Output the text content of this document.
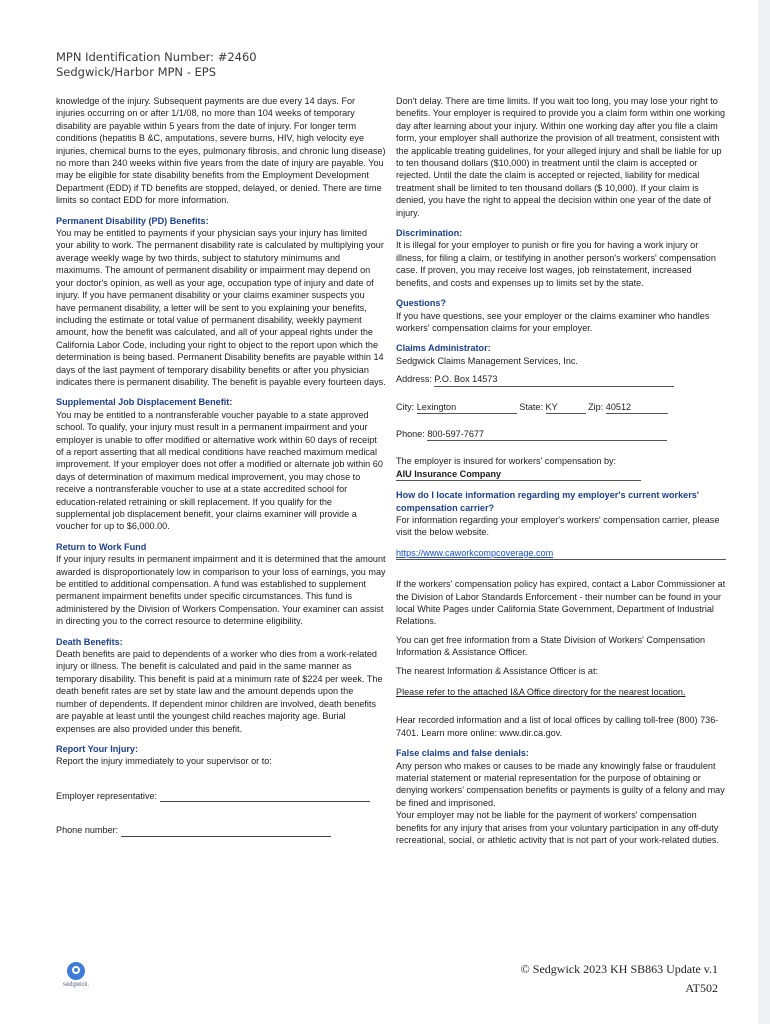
MPN Identification Number: #2460
Sedgwick/Harbor MPN - EPS

knowledge of the injury. Subsequent payments are due every 14 days. For injuries occurring on or after 1/1/08, no more than 104 weeks of temporary disability are payable within 5 years from the date of injury. For longer term conditions (hepatitis B &C, amputations, severe burns, HIV, high velocity eye injuries, chemical burns to the eyes, pulmonary fibrosis, and chronic lung disease) no more than 240 weeks within five years from the date of injury are payable. You may be eligible for state disability benefits from the Employment Development Department (EDD) if TD benefits are stopped, delayed, or denied. There are time limits so contact EDD for more information.

Permanent Disability (PD) Benefits:

You may be entitled to payments if your physician says your injury has limited your ability to work. The permanent disability rate is calculated by multiplying your average weekly wage by two thirds, subject to statutory minimums and maximums. The amount of permanent disability or impairment may depend on your doctor's opinion, as well as your age, occupation type of injury and date of injury. If you have permanent disability or your claims examiner suspects you have permanent disability, a letter will be sent to you explaining your benefits, including the estimate or total value of permanent disability, weekly payment amount, how the benefit was calculated, and all of your appeal rights under the California Labor Code, including your right to object to the report upon which the determination is being based. Permanent Disability benefits are payable within 14 days of the last payment of temporary disability benefits or after you physician indicates there is permanent disability. The benefit is payable every fourteen days.

Supplemental Job Displacement Benefit:

You may be entitled to a nontransferable voucher payable to a state approved school. To qualify, your injury must result in a permanent impairment and your employer is unable to offer modified or alternative work within 60 days of receipt of a report asserting that all medical conditions have reached maximum medical improvement. If your employer does not offer a modified or alternate job within 60 days of determination of maximum medical improvement, you may chose to receive a nontransferable voucher to use at a state accredited school for education-related retraining or skill replacement. If you qualify for the supplemental job displacement benefit, your claims examiner will provide a voucher for up to $6,000.00.

Return to Work Fund

If your injury results in permanent impairment and it is determined that the amount awarded is disproportionately low in comparison to your loss of earnings, you may be entitled to additional compensation. A fund was established to supplement permanent impairment benefits under specific circumstances. This fund is administered by the Division of Workers Compensation. Your examiner can assist in directing you to the correct resource to determine eligibility.

Death Benefits:

Death benefits are paid to dependents of a worker who dies from a work-related injury or illness. The benefit is calculated and paid in the same manner as temporary disability. This benefit is paid at a minimum rate of $224 per week. The death benefit rates are set by state law and the amount depends upon the number of dependents. If dependent minor children are involved, death benefits are payable at least until the youngest child reaches majority age. Burial expenses are also provided under this benefit.

Report Your Injury:

Report the injury immediately to your supervisor or to:

Employer representative:

Phone number:

Don't delay. There are time limits. If you wait too long, you may lose your right to benefits. Your employer is required to provide you a claim form within one working day after learning about your injury. Within one working day after you file a claim form, your employer shall authorize the provision of all treatment, consistent with the applicable treating guidelines, for your alleged injury and shall be liable for up to ten thousand dollars ($10,000) in treatment until the claim is accepted or rejected. Until the date the claim is accepted or rejected, liability for medical treatment shall be limited to ten thousand dollars ($ 10,000). If your claim is denied, you have the right to appeal the decision within one year of the date of injury.

Discrimination:

It is illegal for your employer to punish or fire you for having a work injury or illness, for filing a claim, or testifying in another person's workers' compensation case. If proven, you may receive lost wages, job reinstatement, increased benefits, and costs and expenses up to limits set by the state.

Questions?

If you have questions, see your employer or the claims examiner who handles workers' compensation claims for your employer.

Claims Administrator:

Sedgwick Claims Management Services, Inc.

Address: P.O. Box 14573

City: Lexington	State: KY	Zip: 40512

Phone: 800-597-7677

The employer is insured for workers' compensation by:

AIU Insurance Company

How do I locate information regarding my employer's current workers' compensation carrier?

For information regarding your employer's workers' compensation carrier, please visit the below website.

https://www.caworkcompcoverage.com

If the workers' compensation policy has expired, contact a Labor Commissioner at the Division of Labor Standards Enforcement - their number can be found in your local White Pages under California State Government, Department of Industrial Relations.

You can get free information from a State Division of Workers' Compensation Information & Assistance Officer.

The nearest Information & Assistance Officer is at:

Please refer to the attached I&A Office directory for the nearest location.

Hear recorded information and a list of local offices by calling toll-free (800) 736-7401. Learn more online: www.dir.ca.gov.

False claims and false denials:

Any person who makes or causes to be made any knowingly false or fraudulent material statement or material representation for the purpose of obtaining or denying workers' compensation benefits or payments is guilty of a felony and may be fined and imprisoned.

Your employer may not be liable for the payment of workers' compensation benefits for any injury that arises from your voluntary participation in any off-duty recreational, social, or athletic activity that is not part of your work-related duties.

sedgwick.
© Sedgwick 2023 KH SB863 Update v.1
AT502
